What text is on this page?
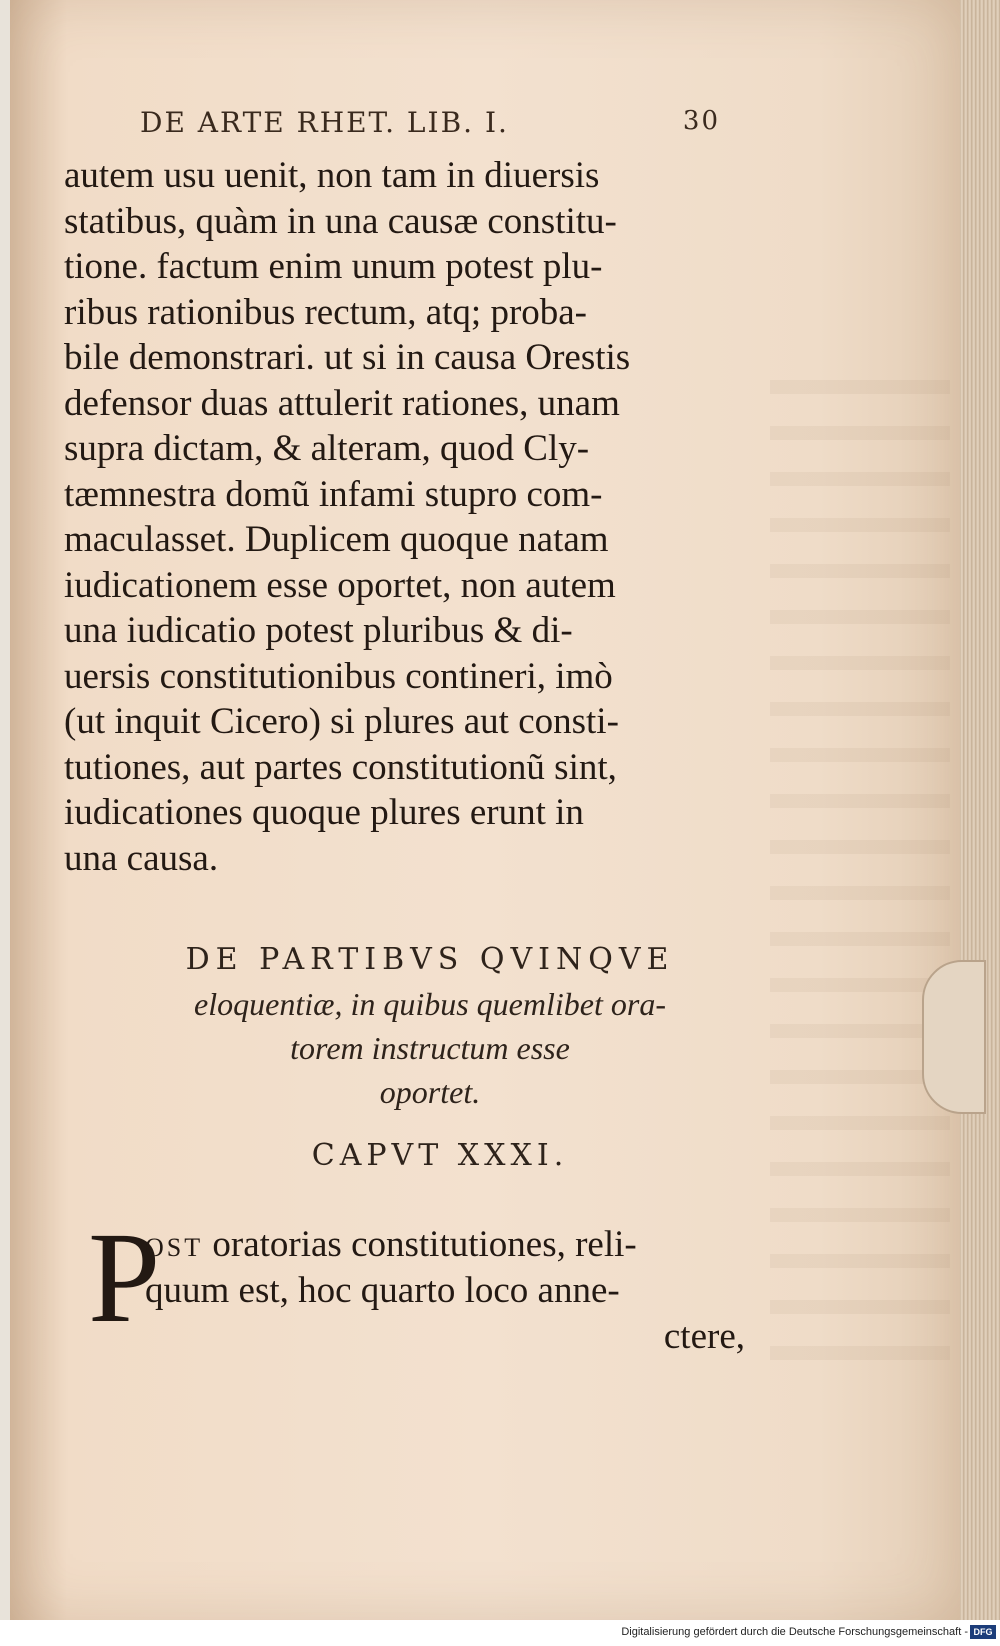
DE ARTE RHET. LIB. I.	30
autem usu uenit, non tam in diuersis
statibus, quàm in una causæ constitu-
tione. factum enim unum potest plu-
ribus rationibus rectum, atq; proba-
bile demonstrari. ut si in causa Orestis
defensor duas attulerit rationes, unam
supra dictam, & alteram, quod Cly-
tæmnestra domũ infami stupro com-
maculasset. Duplicem quoque natam
iudicationem esse oportet, non autem
una iudicatio potest pluribus & di-
uersis constitutionibus contineri, imò
(ut inquit Cicero) si plures aut consti-
tutiones, aut partes constitutionũ sint,
iudicationes quoque plures erunt in
una causa.
DE PARTIBVS QVINQVE
eloquentiæ, in quibus quemlibet ora-
torem instructum esse
oportet.
CAPVT XXXI.
P
OST oratorias constitutiones, reli-
quum est, hoc quarto loco anne-
ctere,
Digitalisierung gefördert durch die Deutsche Forschungsgemeinschaft - DFG
